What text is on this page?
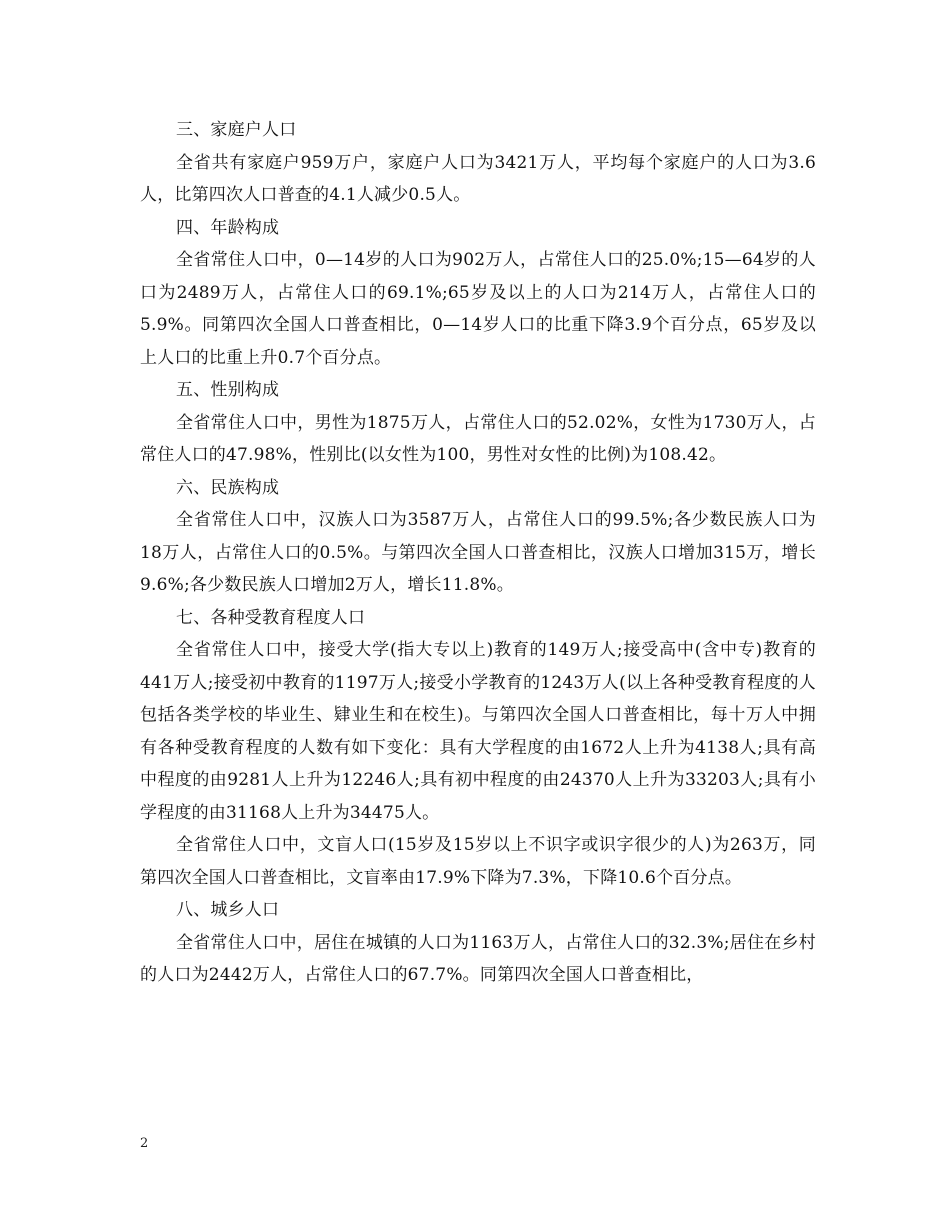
三、家庭户人口

全省共有家庭户959万户，家庭户人口为3421万人，平均每个家庭户的人口为3.6人，比第四次人口普查的4.1人减少0.5人。

四、年龄构成

全省常住人口中，0—14岁的人口为902万人，占常住人口的25.0%;15—64岁的人口为2489万人，占常住人口的69.1%;65岁及以上的人口为214万人，占常住人口的5.9%。同第四次全国人口普查相比，0—14岁人口的比重下降3.9个百分点，65岁及以上人口的比重上升0.7个百分点。

五、性别构成

全省常住人口中，男性为1875万人，占常住人口的52.02%，女性为1730万人，占常住人口的47.98%，性别比(以女性为100，男性对女性的比例)为108.42。

六、民族构成

全省常住人口中，汉族人口为3587万人，占常住人口的99.5%;各少数民族人口为18万人，占常住人口的0.5%。与第四次全国人口普查相比，汉族人口增加315万，增长9.6%;各少数民族人口增加2万人，增长11.8%。

七、各种受教育程度人口

全省常住人口中，接受大学(指大专以上)教育的149万人;接受高中(含中专)教育的441万人;接受初中教育的1197万人;接受小学教育的1243万人(以上各种受教育程度的人包括各类学校的毕业生、肄业生和在校生)。与第四次全国人口普查相比，每十万人中拥有各种受教育程度的人数有如下变化：具有大学程度的由1672人上升为4138人;具有高中程度的由9281人上升为12246人;具有初中程度的由24370人上升为33203人;具有小学程度的由31168人上升为34475人。

全省常住人口中，文盲人口(15岁及15岁以上不识字或识字很少的人)为263万，同第四次全国人口普查相比，文盲率由17.9%下降为7.3%，下降10.6个百分点。

八、城乡人口

全省常住人口中，居住在城镇的人口为1163万人，占常住人口的32.3%;居住在乡村的人口为2442万人，占常住人口的67.7%。同第四次全国人口普查相比，

2
